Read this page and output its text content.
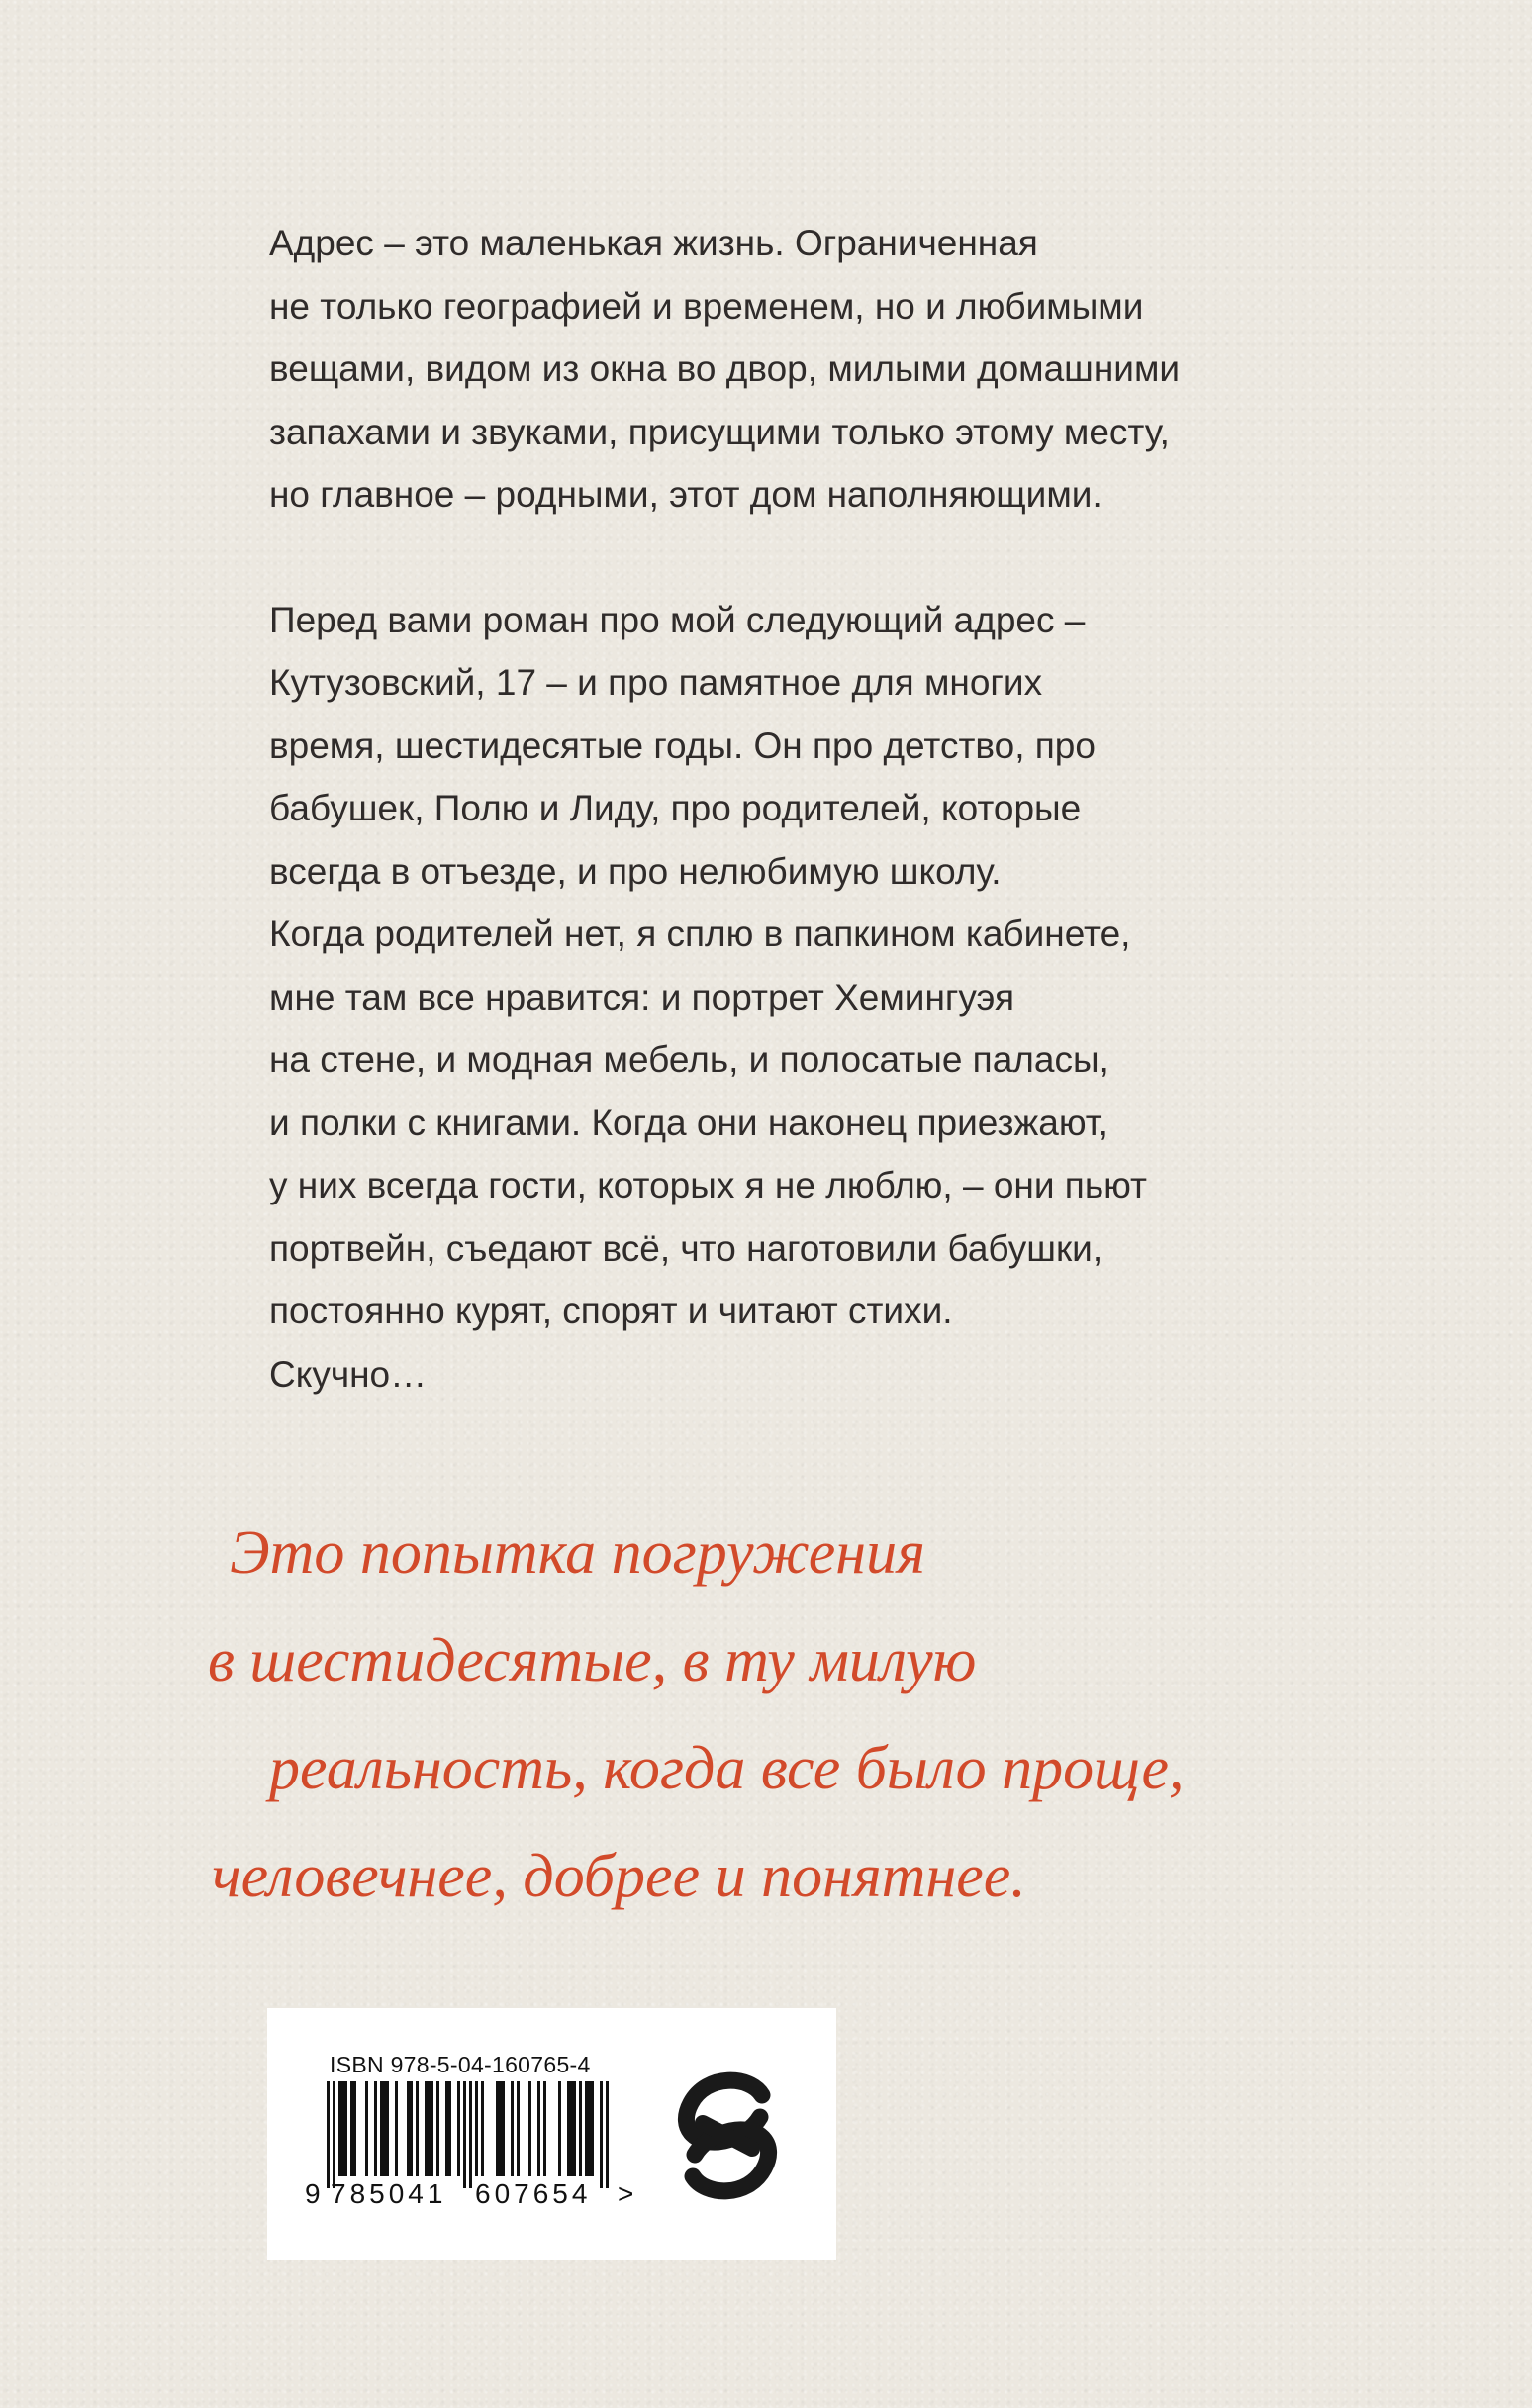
Адрес – это маленькая жизнь. Ограниченная

не только географией и временем, но и любимыми

вещами, видом из окна во двор, милыми домашними

запахами и звуками, присущими только этому месту,

но главное – родными, этот дом наполняющими.

Перед вами роман про мой следующий адрес –

Кутузовский, 17 – и про памятное для многих

время, шестидесятые годы. Он про детство, про

бабушек, Полю и Лиду, про родителей, которые

всегда в отъезде, и про нелюбимую школу.

Когда родителей нет, я сплю в папкином кабинете,

мне там все нравится: и портрет Хемингуэя

на стене, и модная мебель, и полосатые паласы,

и полки с книгами. Когда они наконец приезжают,

у них всегда гости, которых я не люблю, – они пьют

портвейн, съедают всё, что наготовили бабушки,

постоянно курят, спорят и читают стихи.

Скучно…

Это попытка погружения

в шестидесятые, в ту милую

реальность, когда все было проще,

человечнее, добрее и понятнее.

ISBN 978-5-04-160765-4
9 785041 607654 >
